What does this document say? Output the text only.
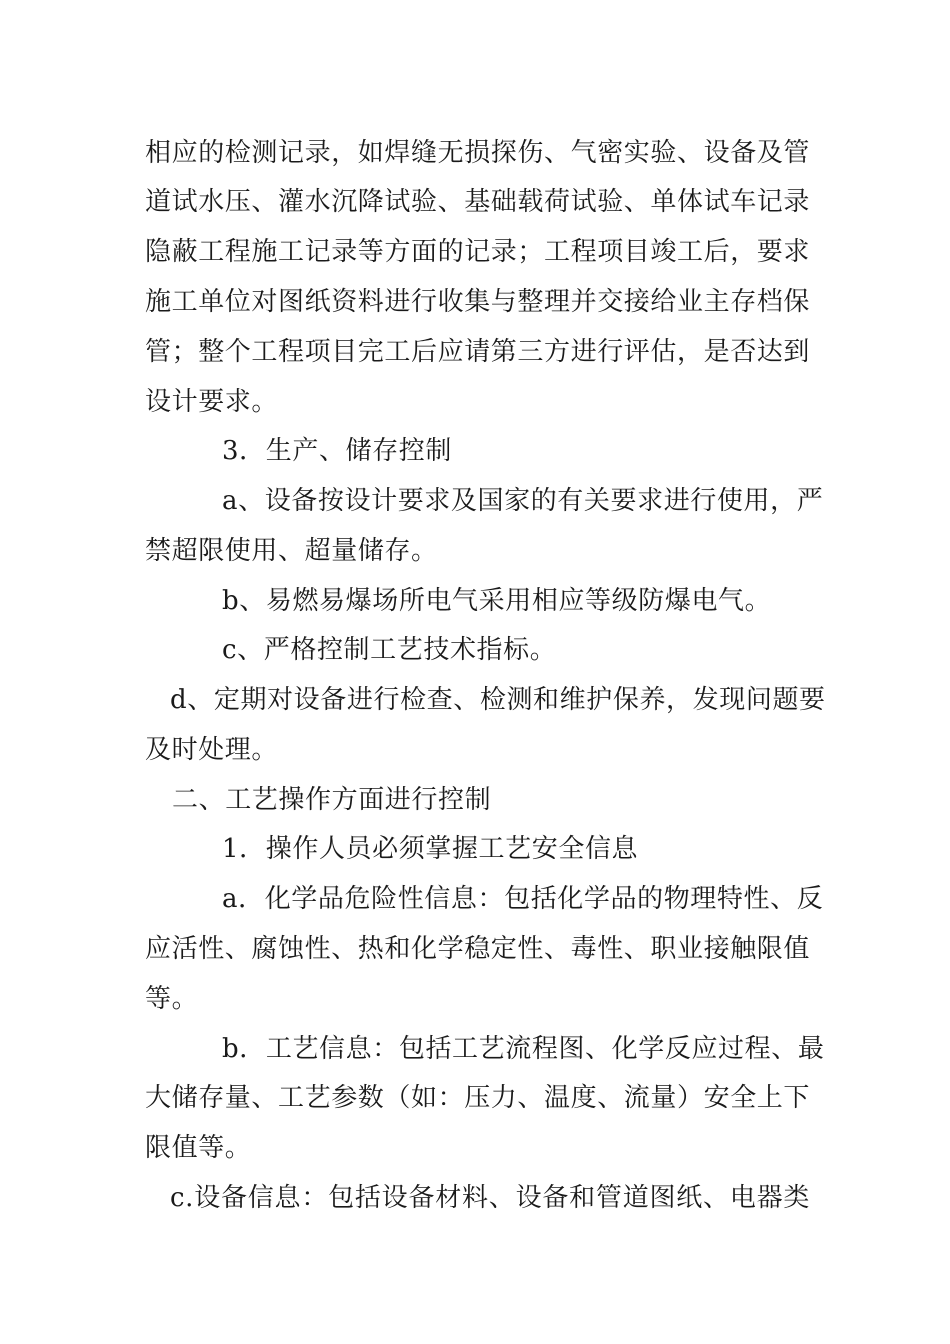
相应的检测记录，如焊缝无损探伤、气密实验、设备及管
道试水压、灌水沉降试验、基础载荷试验、单体试车记录
隐蔽工程施工记录等方面的记录；工程项目竣工后，要求
施工单位对图纸资料进行收集与整理并交接给业主存档保
管；整个工程项目完工后应请第三方进行评估，是否达到
设计要求。
3．生产、储存控制
a、设备按设计要求及国家的有关要求进行使用，严
禁超限使用、超量储存。
b、易燃易爆场所电气采用相应等级防爆电气。
c、严格控制工艺技术指标。
d、定期对设备进行检查、检测和维护保养，发现问题要
及时处理。
二、工艺操作方面进行控制
1．操作人员必须掌握工艺安全信息
a．化学品危险性信息：包括化学品的物理特性、反
应活性、腐蚀性、热和化学稳定性、毒性、职业接触限值
等。
b．工艺信息：包括工艺流程图、化学反应过程、最
大储存量、工艺参数（如：压力、温度、流量）安全上下
限值等。
c.设备信息：包括设备材料、设备和管道图纸、电器类
